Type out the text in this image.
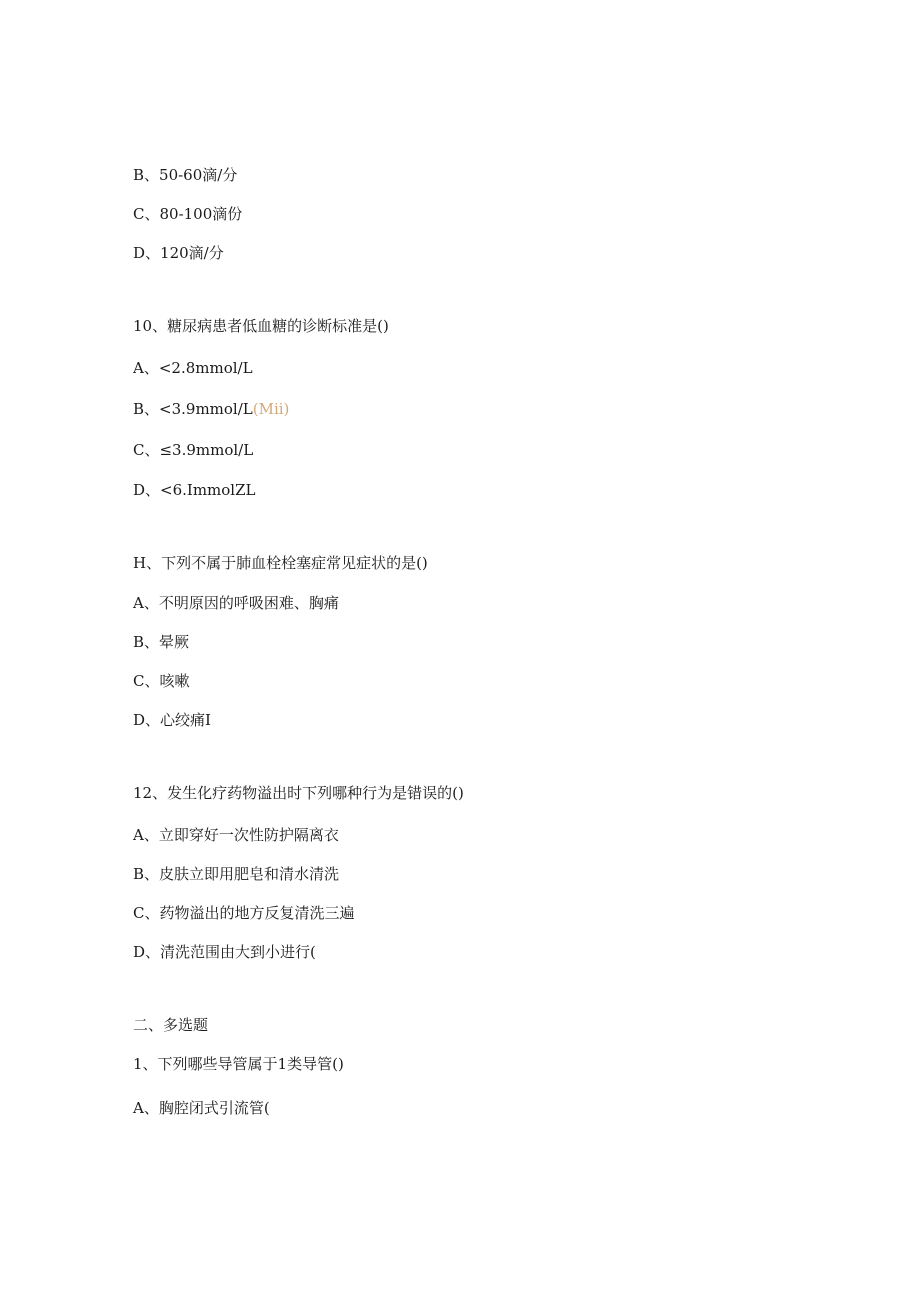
B、50-60滴/分
C、80-100滴份
D、120滴/分
10、糖尿病患者低血糖的诊断标准是()
A、<2.8mmol/L
B、<3.9mmol/L(Mii)
C、≤3.9mmol/L
D、<6.ImmolZL
H、下列不属于肺血栓栓塞症常见症状的是()
A、不明原因的呼吸困难、胸痛
B、晕厥
C、咳嗽
D、心绞痛I
12、发生化疗药物溢出时下列哪种行为是错误的()
A、立即穿好一次性防护隔离衣
B、皮肤立即用肥皂和清水清洗
C、药物溢出的地方反复清洗三遍
D、清洗范围由大到小进行(
二、多选题
1、下列哪些导管属于1类导管()
A、胸腔闭式引流管(
